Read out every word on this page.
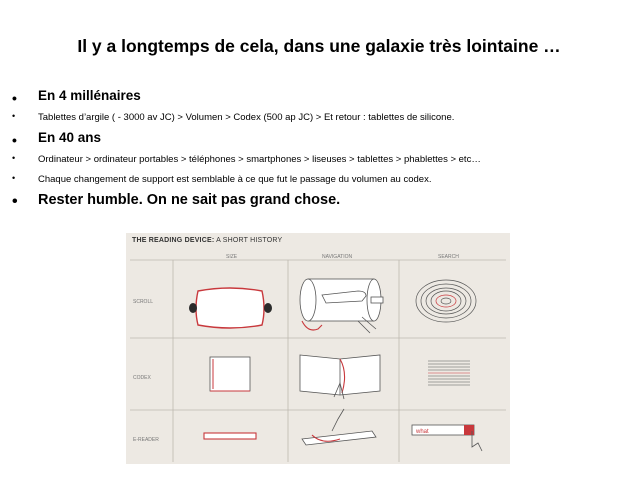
Il y a longtemps de cela, dans une galaxie très lointaine …
• En 4 millénaires
• Tablettes d’argile ( - 3000 av JC) > Volumen > Codex (500 ap JC) > Et retour : tablettes de silicone.
• En 40 ans
• Ordinateur > ordinateur portables > téléphones > smartphones > liseuses > tablettes > phablettes > etc…
• Chaque changement de support est semblable à ce que fut le passage du volumen au codex.
• Rester humble. On ne sait pas grand chose.
THE READING DEVICE: A SHORT HISTORY
SIZE	NAVIGATION	SEARCH
SCROLL
CODEX
E-READER
what
